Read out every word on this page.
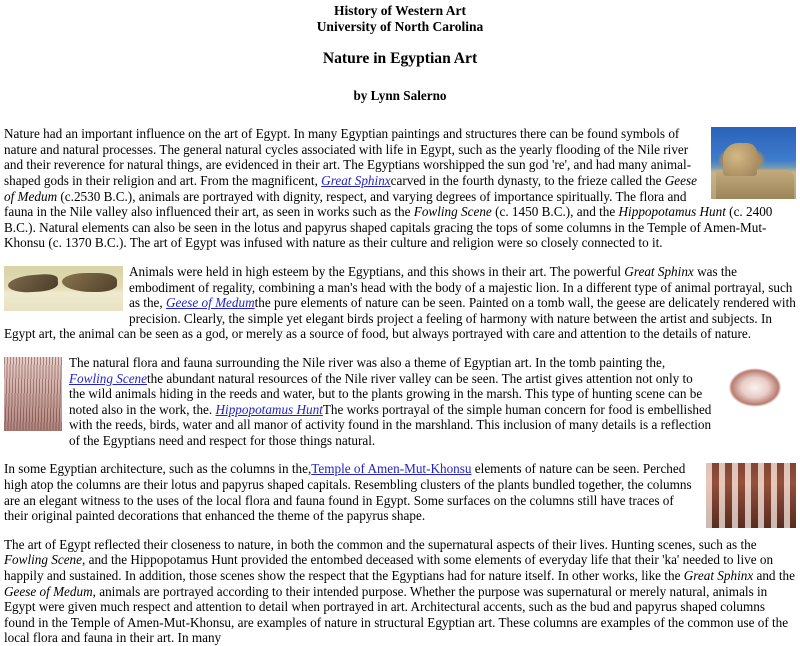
History of Western Art
University of North Carolina
Nature in Egyptian Art
by Lynn Salerno

Nature had an important influence on the art of Egypt. In many Egyptian paintings and structures there can be found symbols of nature and natural processes. The general natural cycles associated with life in Egypt, such as the yearly flooding of the Nile river and their reverence for natural things, are evidenced in their art. The Egyptians worshipped the sun god 're', and had many animal-shaped gods in their religion and art. From the magnificent, Great Sphinxcarved in the fourth dynasty, to the frieze called the Geese of Medum (c.2530 B.C.), animals are portrayed with dignity, respect, and varying degrees of importance spiritually. The flora and fauna in the Nile valley also influenced their art, as seen in works such as the Fowling Scene (c. 1450 B.C.), and the Hippopotamus Hunt (c. 2400 B.C.). Natural elements can also be seen in the lotus and papyrus shaped capitals gracing the tops of some columns in the Temple of Amen-Mut-Khonsu (c. 1370 B.C.). The art of Egypt was infused with nature as their culture and religion were so closely connected to it.

Animals were held in high esteem by the Egyptians, and this shows in their art. The powerful Great Sphinx was the embodiment of regality, combining a man's head with the body of a majestic lion. In a different type of animal portrayal, such as the, Geese of Medumthe pure elements of nature can be seen. Painted on a tomb wall, the geese are delicately rendered with precision. Clearly, the simple yet elegant birds project a feeling of harmony with nature between the artist and subjects. In Egypt art, the animal can be seen as a god, or merely as a source of food, but always portrayed with care and attention to the details of nature.

The natural flora and fauna surrounding the Nile river was also a theme of Egyptian art. In the tomb painting the, Fowling Scenethe abundant natural resources of the Nile river valley can be seen. The artist gives attention not only to the wild animals hiding in the reeds and water, but to the plants growing in the marsh. This type of hunting scene can be noted also in the work, the. Hippopotamus HuntThe works portrayal of the simple human concern for food is embellished with the reeds, birds, water and all manor of activity found in the marshland. This inclusion of many details is a reflection of the Egyptians need and respect for those things natural.

In some Egyptian architecture, such as the columns in the,Temple of Amen-Mut-Khonsu elements of nature can be seen. Perched high atop the columns are their lotus and papyrus shaped capitals. Resembling clusters of the plants bundled together, the columns are an elegant witness to the uses of the local flora and fauna found in Egypt. Some surfaces on the columns still have traces of their original painted decorations that enhanced the theme of the papyrus shape.

The art of Egypt reflected their closeness to nature, in both the common and the supernatural aspects of their lives. Hunting scenes, such as the Fowling Scene, and the Hippopotamus Hunt provided the entombed deceased with some elements of everyday life that their 'ka' needed to live on happily and sustained. In addition, those scenes show the respect that the Egyptians had for nature itself. In other works, like the Great Sphinx and the Geese of Medum, animals are portrayed according to their intended purpose. Whether the purpose was supernatural or merely natural, animals in Egypt were given much respect and attention to detail when portrayed in art. Architectural accents, such as the bud and papyrus shaped columns found in the Temple of Amen-Mut-Khonsu, are examples of nature in structural Egyptian art. These columns are examples of the common use of the local flora and fauna in their art. In many
